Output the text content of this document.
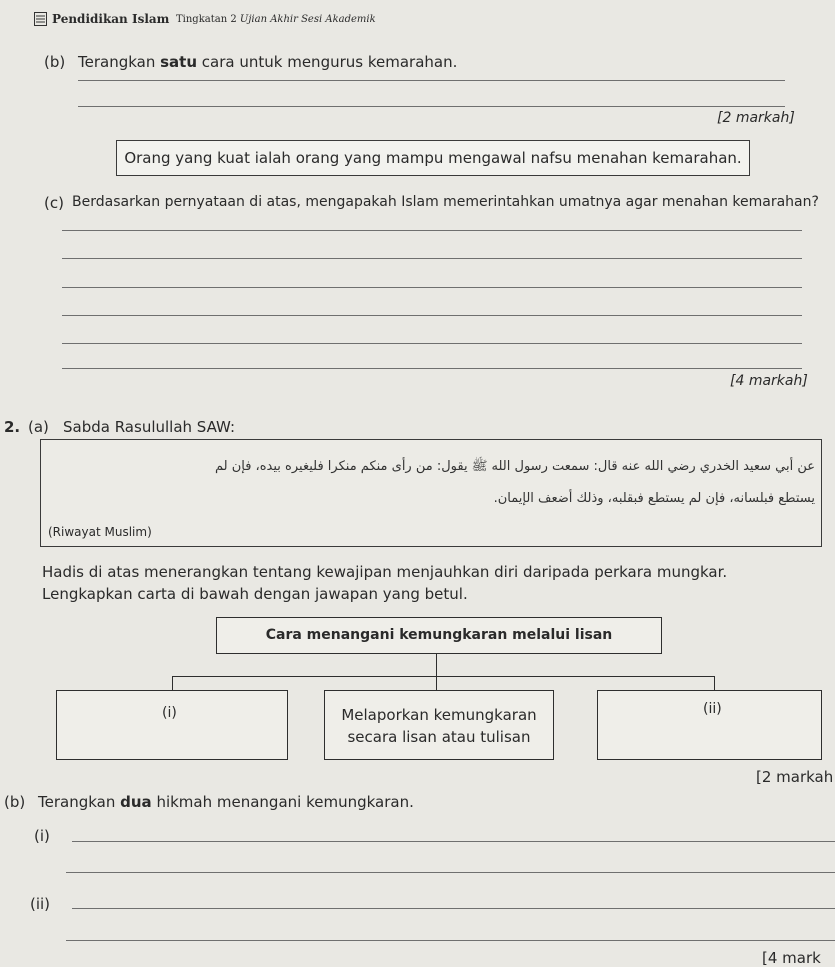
Pendidikan Islam Tingkatan 2 Ujian Akhir Sesi Akademik
(b) Terangkan satu cara untuk mengurus kemarahan.
[2 markah]
Orang yang kuat ialah orang yang mampu mengawal nafsu menahan kemarahan.
(c) Berdasarkan pernyataan di atas, mengapakah Islam memerintahkan umatnya agar menahan kemarahan?
[4 markah]
2. (a) Sabda Rasulullah SAW:
عن أبي سعيد الخدري رضي الله عنه قال: سمعت رسول الله ﷺ يقول: من رأى منكم منكرا فليغيره بيده، فإن لم
يستطع فبلسانه، فإن لم يستطع فبقلبه، وذلك أضعف الإيمان.
(Riwayat Muslim)
Hadis di atas menerangkan tentang kewajipan menjauhkan diri daripada perkara mungkar.
Lengkapkan carta di bawah dengan jawapan yang betul.
Cara menangani kemungkaran melalui lisan
(i)	Melaporkan kemungkaran
secara lisan atau tulisan
(ii)
[2 markah
(b) Terangkan dua hikmah menangani kemungkaran.
(i)
(ii)
[4 mark
